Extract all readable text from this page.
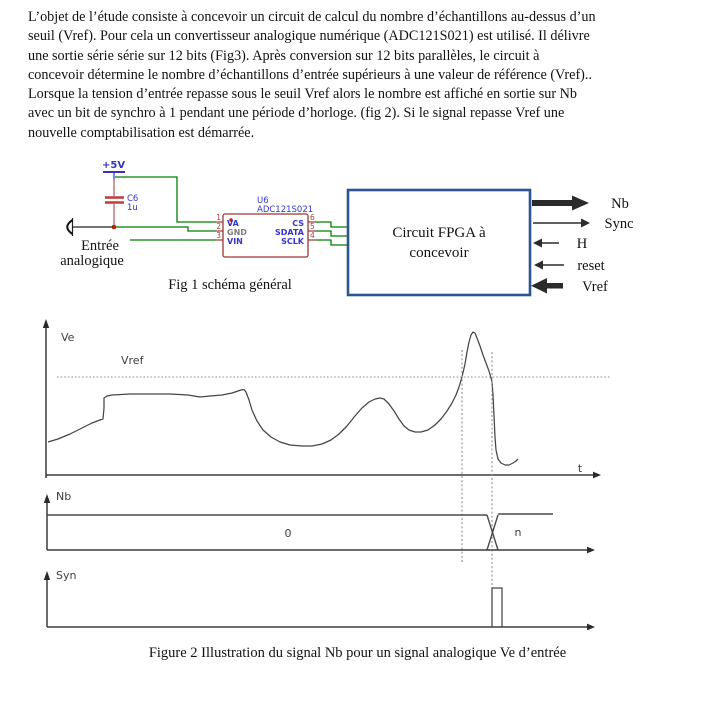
+5V
C6
1u
Entrée
analogique
U6
ADC121S021
1
2
3
6
5
4
VA
GND
VIN
CS
SDATA
SCLK
Circuit FPGA à
concevoir
Nb
Sync
H
reset
Vref
Fig 1 schéma général
Ve
Vref
t
Nb
0	n
Syn
L’objet de l’étude consiste à concevoir un circuit de calcul du nombre d’échantillons au-dessus d’un
seuil (Vref). Pour cela un convertisseur analogique numérique (ADC121S021) est utilisé. Il délivre
une sortie série série sur 12 bits (Fig3). Après conversion sur 12 bits parallèles, le circuit à
concevoir détermine le nombre d’échantillons d’entrée supérieurs à une valeur de référence (Vref)..
Lorsque la tension d’entrée repasse sous le seuil Vref alors le nombre est affiché en sortie sur Nb
avec un bit de synchro à 1 pendant une période d’horloge. (fig 2). Si le signal repasse Vref une
nouvelle comptabilisation est démarrée.
Figure 2 Illustration du signal Nb pour un signal analogique Ve d’entrée
